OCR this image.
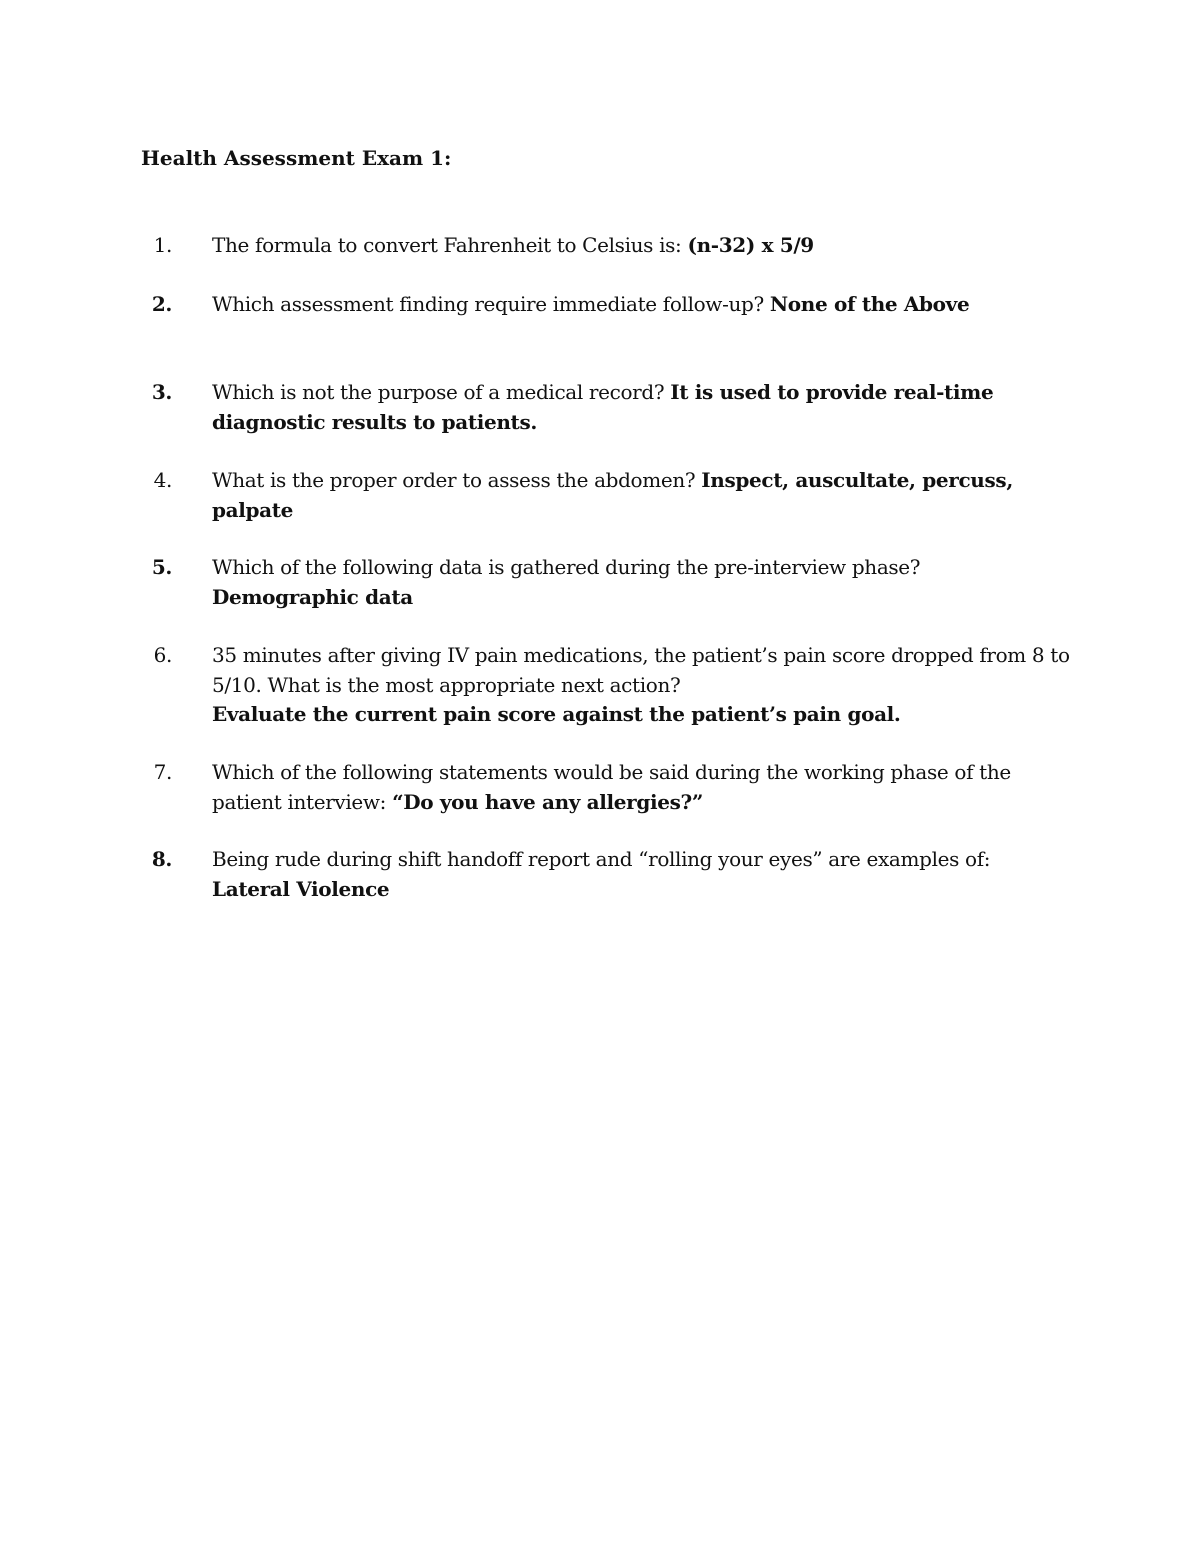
Health Assessment Exam 1:
1. The formula to convert Fahrenheit to Celsius is: (n-32) x 5/9
2. Which assessment finding require immediate follow-up? None of the Above
3. Which is not the purpose of a medical record? It is used to provide real-time diagnostic results to patients.
4. What is the proper order to assess the abdomen? Inspect, auscultate, percuss, palpate
5. Which of the following data is gathered during the pre-interview phase? Demographic data
6. 35 minutes after giving IV pain medications, the patient’s pain score dropped from 8 to 5/10. What is the most appropriate next action?
Evaluate the current pain score against the patient’s pain goal.
7. Which of the following statements would be said during the working phase of the patient interview: “Do you have any allergies?”
8. Being rude during shift handoff report and “rolling your eyes” are examples of: Lateral Violence
